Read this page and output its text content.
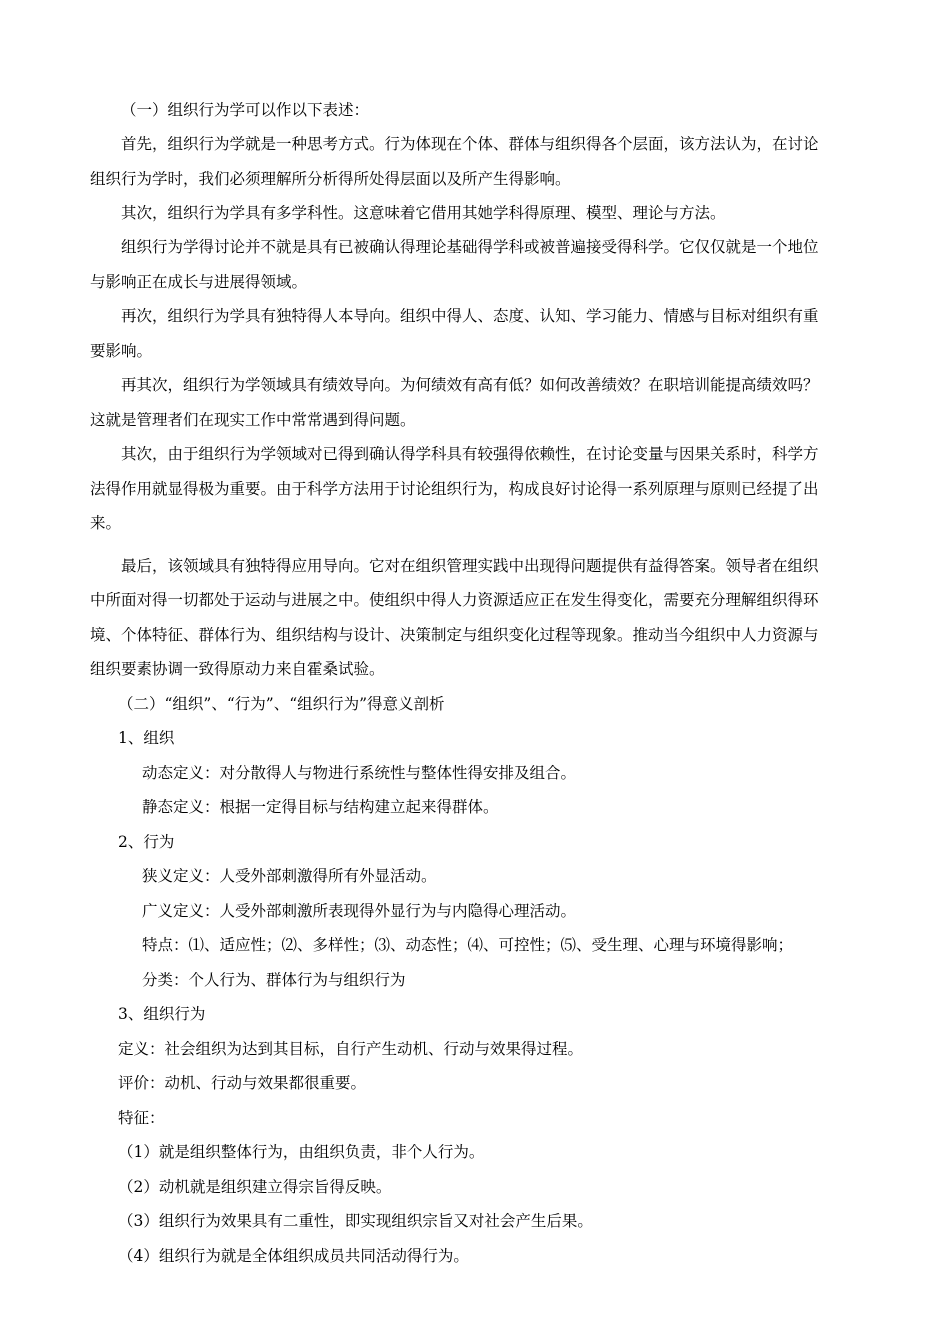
（一）组织行为学可以作以下表述：
首先，组织行为学就是一种思考方式。行为体现在个体、群体与组织得各个层面，该方法认为，在讨论
组织行为学时，我们必须理解所分析得所处得层面以及所产生得影响。
其次，组织行为学具有多学科性。这意味着它借用其她学科得原理、模型、理论与方法。
组织行为学得讨论并不就是具有已被确认得理论基础得学科或被普遍接受得科学。它仅仅就是一个地位
与影响正在成长与进展得领域。
再次，组织行为学具有独特得人本导向。组织中得人、态度、认知、学习能力、情感与目标对组织有重
要影响。
再其次，组织行为学领域具有绩效导向。为何绩效有高有低？如何改善绩效？在职培训能提高绩效吗？
这就是管理者们在现实工作中常常遇到得问题。
其次，由于组织行为学领域对已得到确认得学科具有较强得依赖性，在讨论变量与因果关系时，科学方
法得作用就显得极为重要。由于科学方法用于讨论组织行为，构成良好讨论得一系列原理与原则已经提了出
来。
最后，该领域具有独特得应用导向。它对在组织管理实践中出现得问题提供有益得答案。领导者在组织
中所面对得一切都处于运动与进展之中。使组织中得人力资源适应正在发生得变化，需要充分理解组织得环
境、个体特征、群体行为、组织结构与设计、决策制定与组织变化过程等现象。推动当今组织中人力资源与
组织要素协调一致得原动力来自霍桑试验。
（二）“组织”、“行为”、“组织行为”得意义剖析
1、组织
动态定义：对分散得人与物进行系统性与整体性得安排及组合。
静态定义：根据一定得目标与结构建立起来得群体。
2、行为
狭义定义：人受外部刺激得所有外显活动。
广义定义：人受外部刺激所表现得外显行为与内隐得心理活动。
特点：⑴、适应性；⑵、多样性；⑶、动态性；⑷、可控性；⑸、受生理、心理与环境得影响；
分类：个人行为、群体行为与组织行为
3、组织行为
定义：社会组织为达到其目标，自行产生动机、行动与效果得过程。
评价：动机、行动与效果都很重要。
特征：
（1）就是组织整体行为，由组织负责，非个人行为。
（2）动机就是组织建立得宗旨得反映。
（3）组织行为效果具有二重性，即实现组织宗旨又对社会产生后果。
（4）组织行为就是全体组织成员共同活动得行为。
